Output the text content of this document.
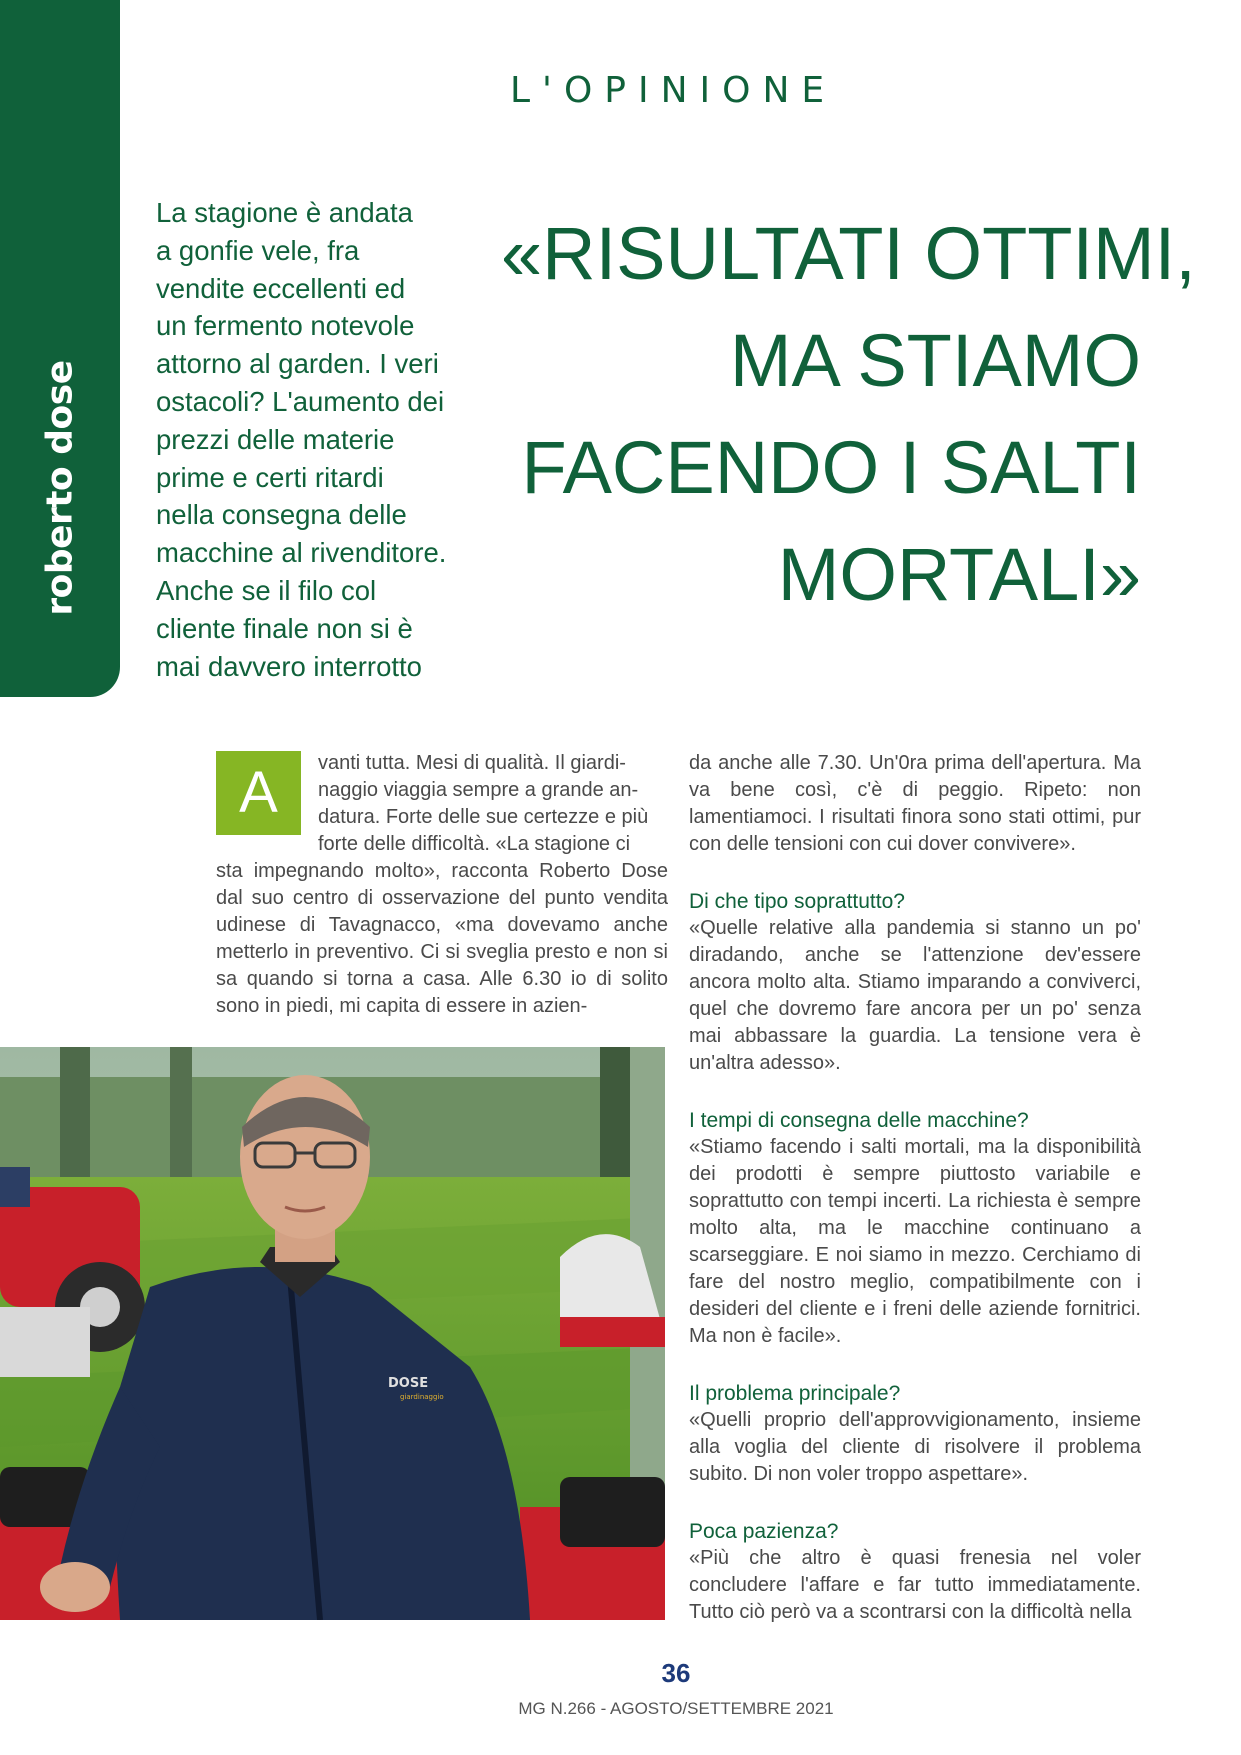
roberto dose
L'OPINIONE
La stagione è andata
a gonfie vele, fra
vendite eccellenti ed
un fermento notevole
attorno al garden. I veri
ostacoli? L'aumento dei
prezzi delle materie
prime e certi ritardi
nella consegna delle
macchine al rivenditore.
Anche se il filo col
cliente finale non si è
mai davvero interrotto
«RISULTATI OTTIMI,
MA STIAMO
FACENDO I SALTI
MORTALI»
A	vanti tutta. Mesi di qualità. Il giardi-
naggio viaggia sempre a grande an-
datura. Forte delle sue certezze e più
forte delle difficoltà. «La stagione ci

sta impegnando molto», racconta Roberto Dose dal suo centro di osservazione del punto vendita udinese di Tavagnacco, «ma dovevamo anche metterlo in preventivo. Ci si sveglia presto e non si sa quando si torna a casa. Alle 6.30 io di solito sono in piedi, mi capita di essere in azien-

da anche alle 7.30. Un'0ra prima dell'apertura. Ma va bene così, c'è di peggio. Ripeto: non lamentiamoci. I risultati finora sono stati ottimi, pur con delle tensioni con cui dover convivere».

Di che tipo soprattutto?

«Quelle relative alla pandemia si stanno un po' diradando, anche se l'attenzione dev'essere ancora molto alta. Stiamo imparando a conviverci, quel che dovremo fare ancora per un po' senza mai abbassare la guardia. La tensione vera è un'altra adesso».

I tempi di consegna delle macchine?

«Stiamo facendo i salti mortali, ma la disponibilità dei prodotti è sempre piuttosto variabile e soprattutto con tempi incerti. La richiesta è sempre molto alta, ma le macchine continuano a scarseggiare. E noi siamo in mezzo. Cerchiamo di fare del nostro meglio, compatibilmente con i desideri del cliente e i freni delle aziende fornitrici. Ma non è facile».

Il problema principale?

«Quelli proprio dell'approvvigionamento, insieme alla voglia del cliente di risolvere il problema subito. Di non voler troppo aspettare».

Poca pazienza?

«Più che altro è quasi frenesia nel voler concludere l'affare e far tutto immediatamente. Tutto ciò però va a scontrarsi con la difficoltà nella

DOSE
giardinaggio
36
MG N.266 - AGOSTO/SETTEMBRE 2021
